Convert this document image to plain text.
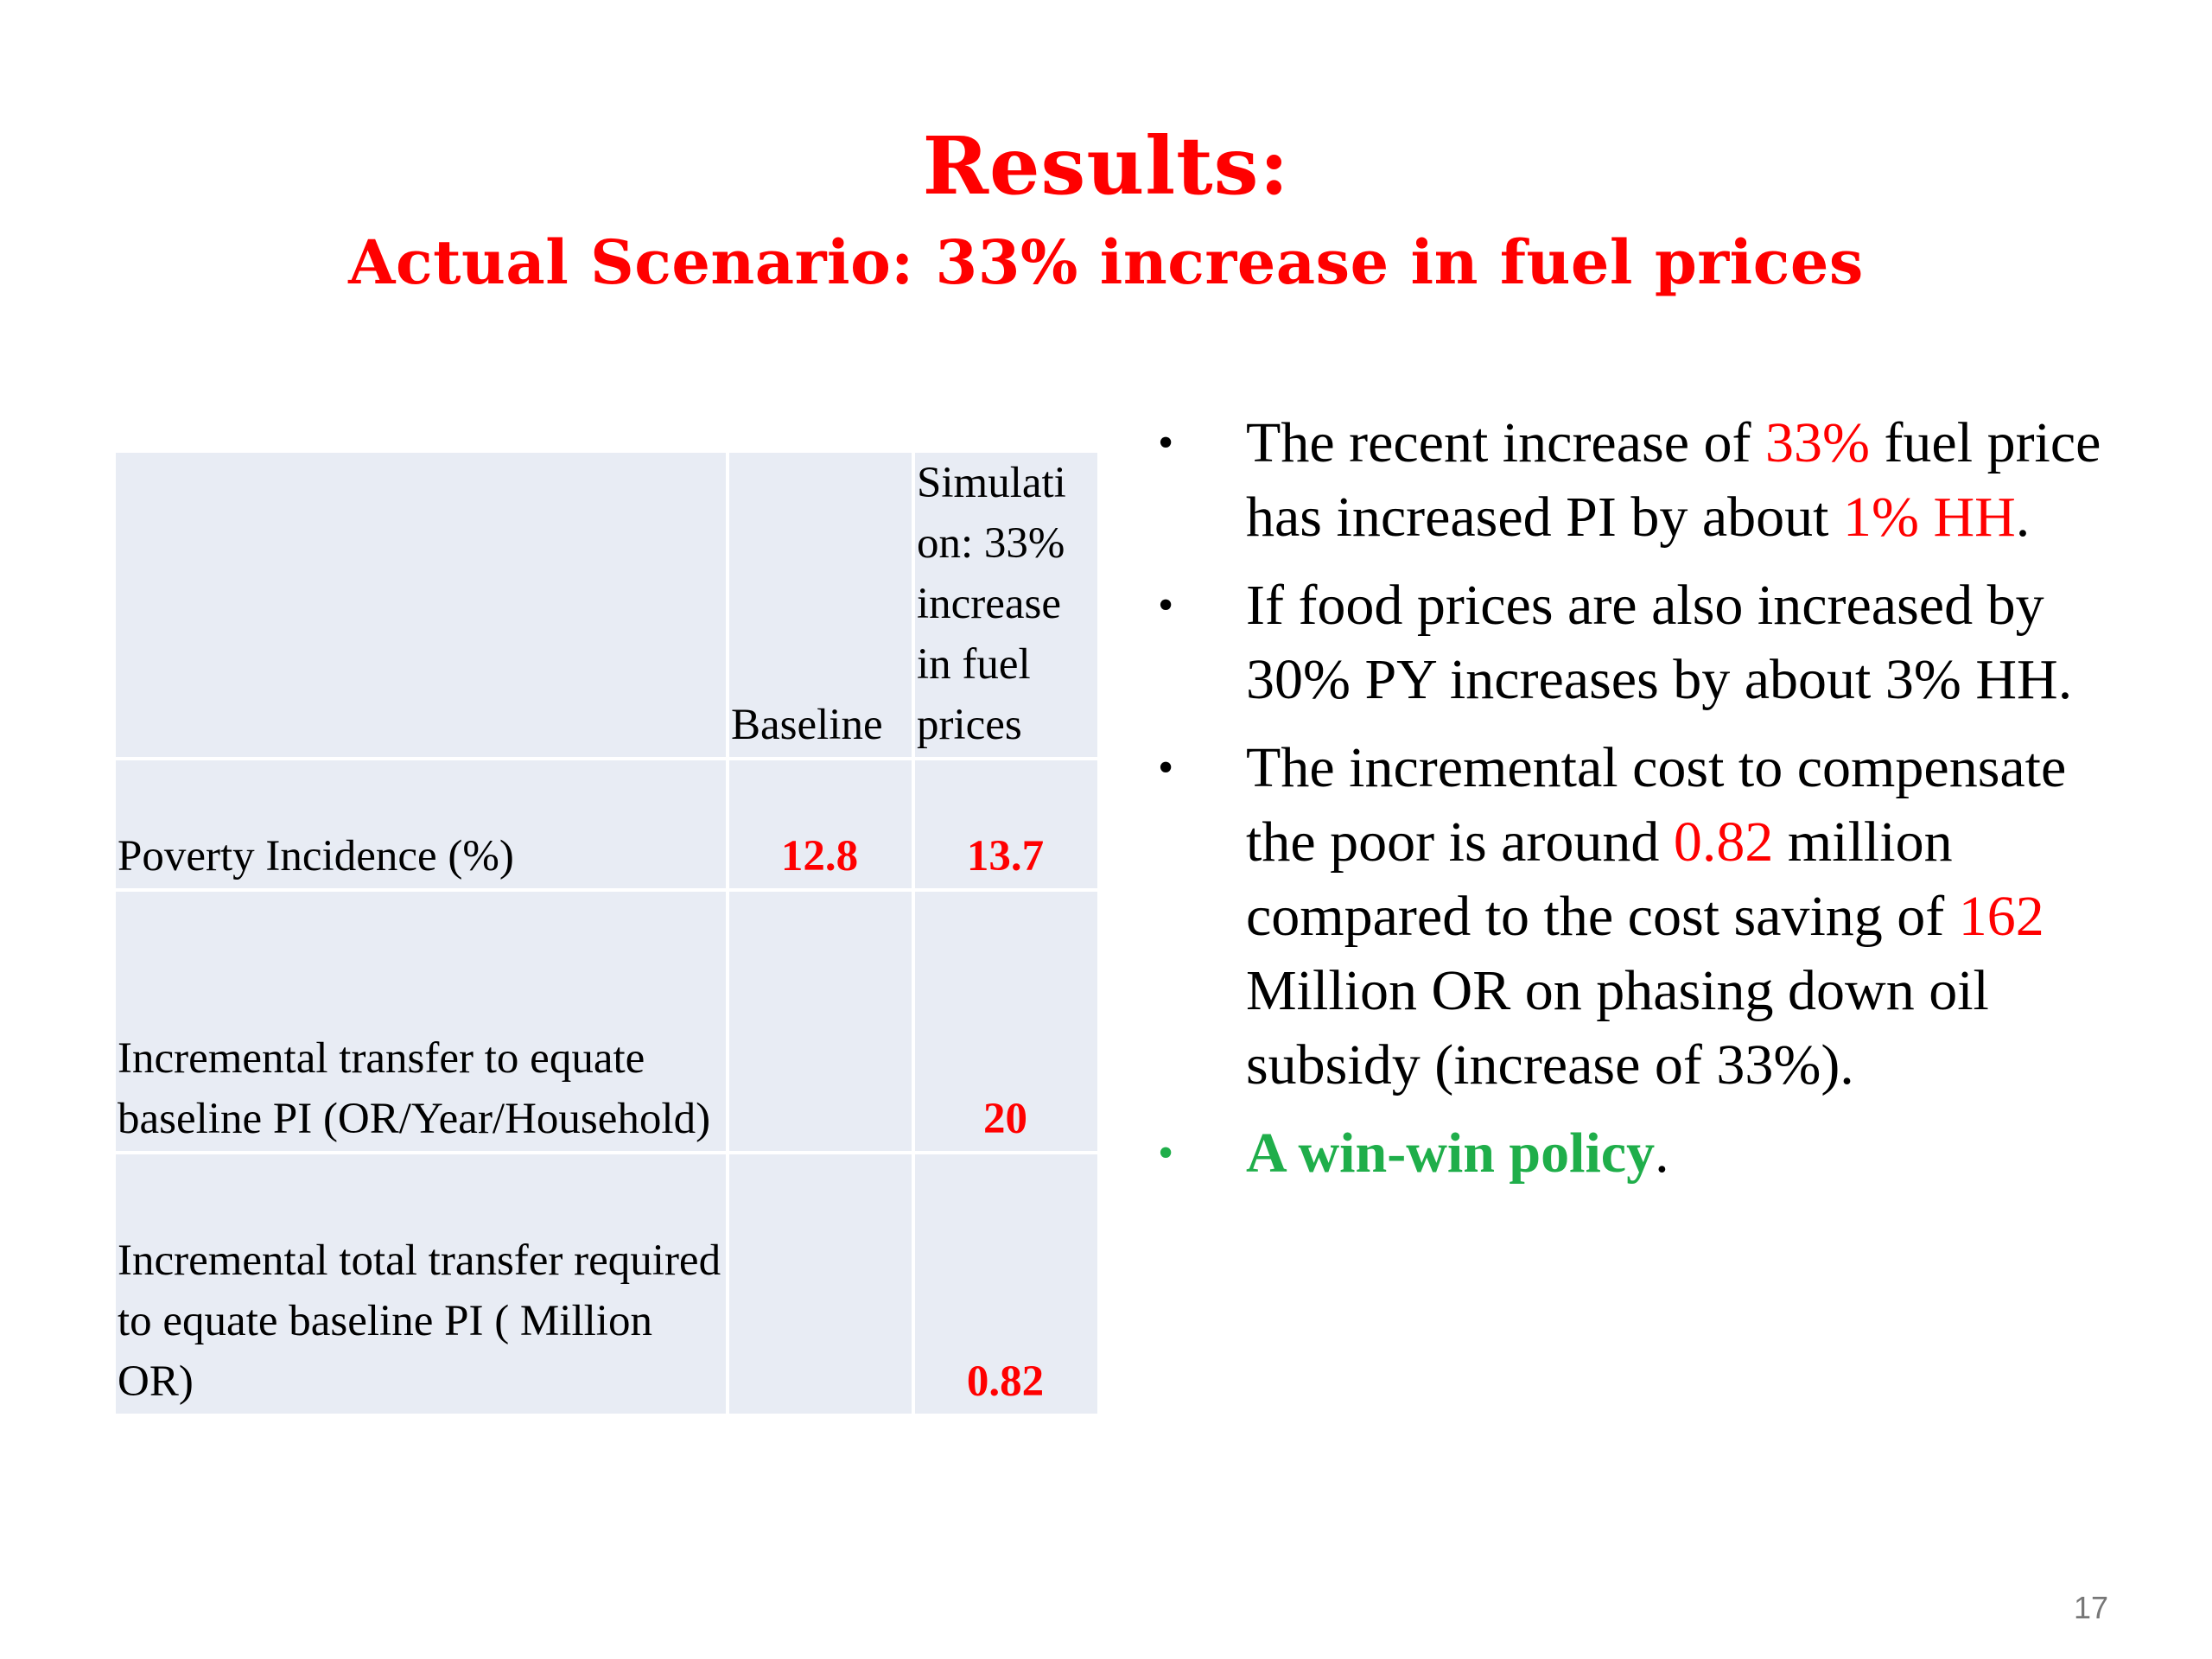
Results:
Actual Scenario: 33% increase in fuel prices
	Baseline	Simulati on: 33% increase in fuel prices
Poverty Incidence (%)	12.8	13.7
Incremental transfer to equate baseline PI (OR/Year/Household)		20
Incremental total transfer required to equate baseline PI ( Million OR)		0.82
•	The recent increase of 33% fuel price has increased PI by about 1% HH.
•	If food prices are also increased by 30% PY increases by about 3% HH.
•	The incremental cost to compensate the poor is around 0.82 million compared to the cost saving of 162 Million OR on phasing down oil subsidy (increase of 33%).
•	A win-win policy.
17
